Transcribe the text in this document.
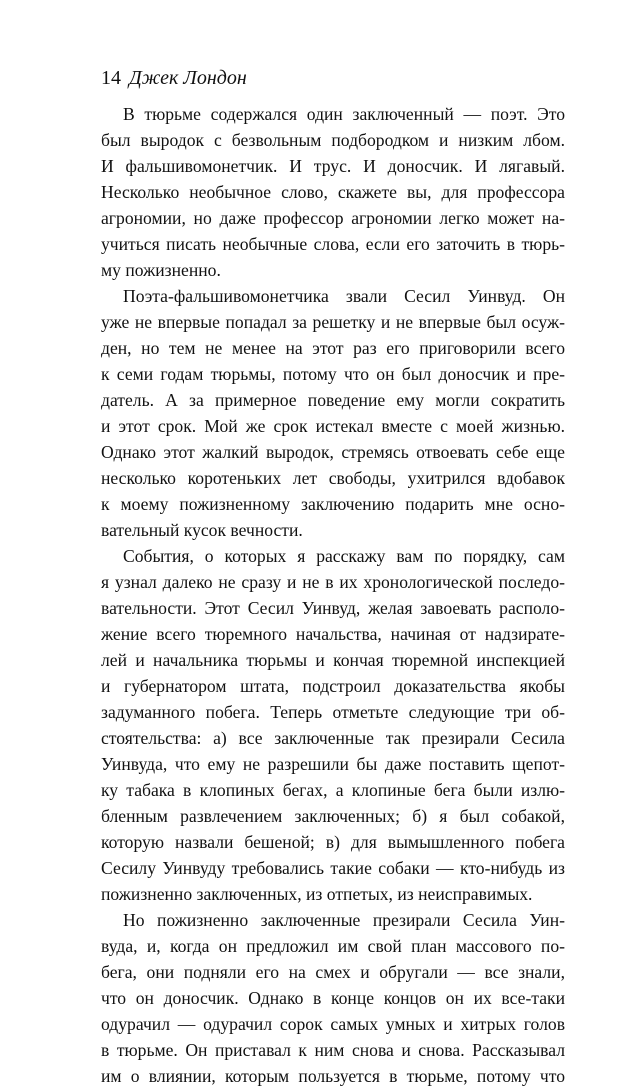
14 Джек Лондон
В тюрьме содержался один заключенный — поэт. Это
был выродок с безвольным подбородком и низким лбом.
И фальшивомонетчик. И трус. И доносчик. И лягавый.
Несколько необычное слово, скажете вы, для профессора
агрономии, но даже профессор агрономии легко может на-
учиться писать необычные слова, если его заточить в тюрь-
му пожизненно.
Поэта-фальшивомонетчика звали Сесил Уинвуд. Он
уже не впервые попадал за решетку и не впервые был осуж-
ден, но тем не менее на этот раз его приговорили всего
к семи годам тюрьмы, потому что он был доносчик и пре-
датель. А за примерное поведение ему могли сократить
и этот срок. Мой же срок истекал вместе с моей жизнью.
Однако этот жалкий выродок, стремясь отвоевать себе еще
несколько коротеньких лет свободы, ухитрился вдобавок
к моему пожизненному заключению подарить мне осно-
вательный кусок вечности.
События, о которых я расскажу вам по порядку, сам
я узнал далеко не сразу и не в их хронологической последо-
вательности. Этот Сесил Уинвуд, желая завоевать располо-
жение всего тюремного начальства, начиная от надзирате-
лей и начальника тюрьмы и кончая тюремной инспекцией
и губернатором штата, подстроил доказательства якобы
задуманного побега. Теперь отметьте следующие три об-
стоятельства: а) все заключенные так презирали Сесила
Уинвуда, что ему не разрешили бы даже поставить щепот-
ку табака в клопиных бегах, а клопиные бега были излю-
бленным развлечением заключенных; б) я был собакой,
которую назвали бешеной; в) для вымышленного побега
Сесилу Уинвуду требовались такие собаки — кто-нибудь из
пожизненно заключенных, из отпетых, из неисправимых.
Но пожизненно заключенные презирали Сесила Уин-
вуда, и, когда он предложил им свой план массового по-
бега, они подняли его на смех и обругали — все знали,
что он доносчик. Однако в конце концов он их все-таки
одурачил — одурачил сорок самых умных и хитрых голов
в тюрьме. Он приставал к ним снова и снова. Рассказывал
им о влиянии, которым пользуется в тюрьме, потому что
